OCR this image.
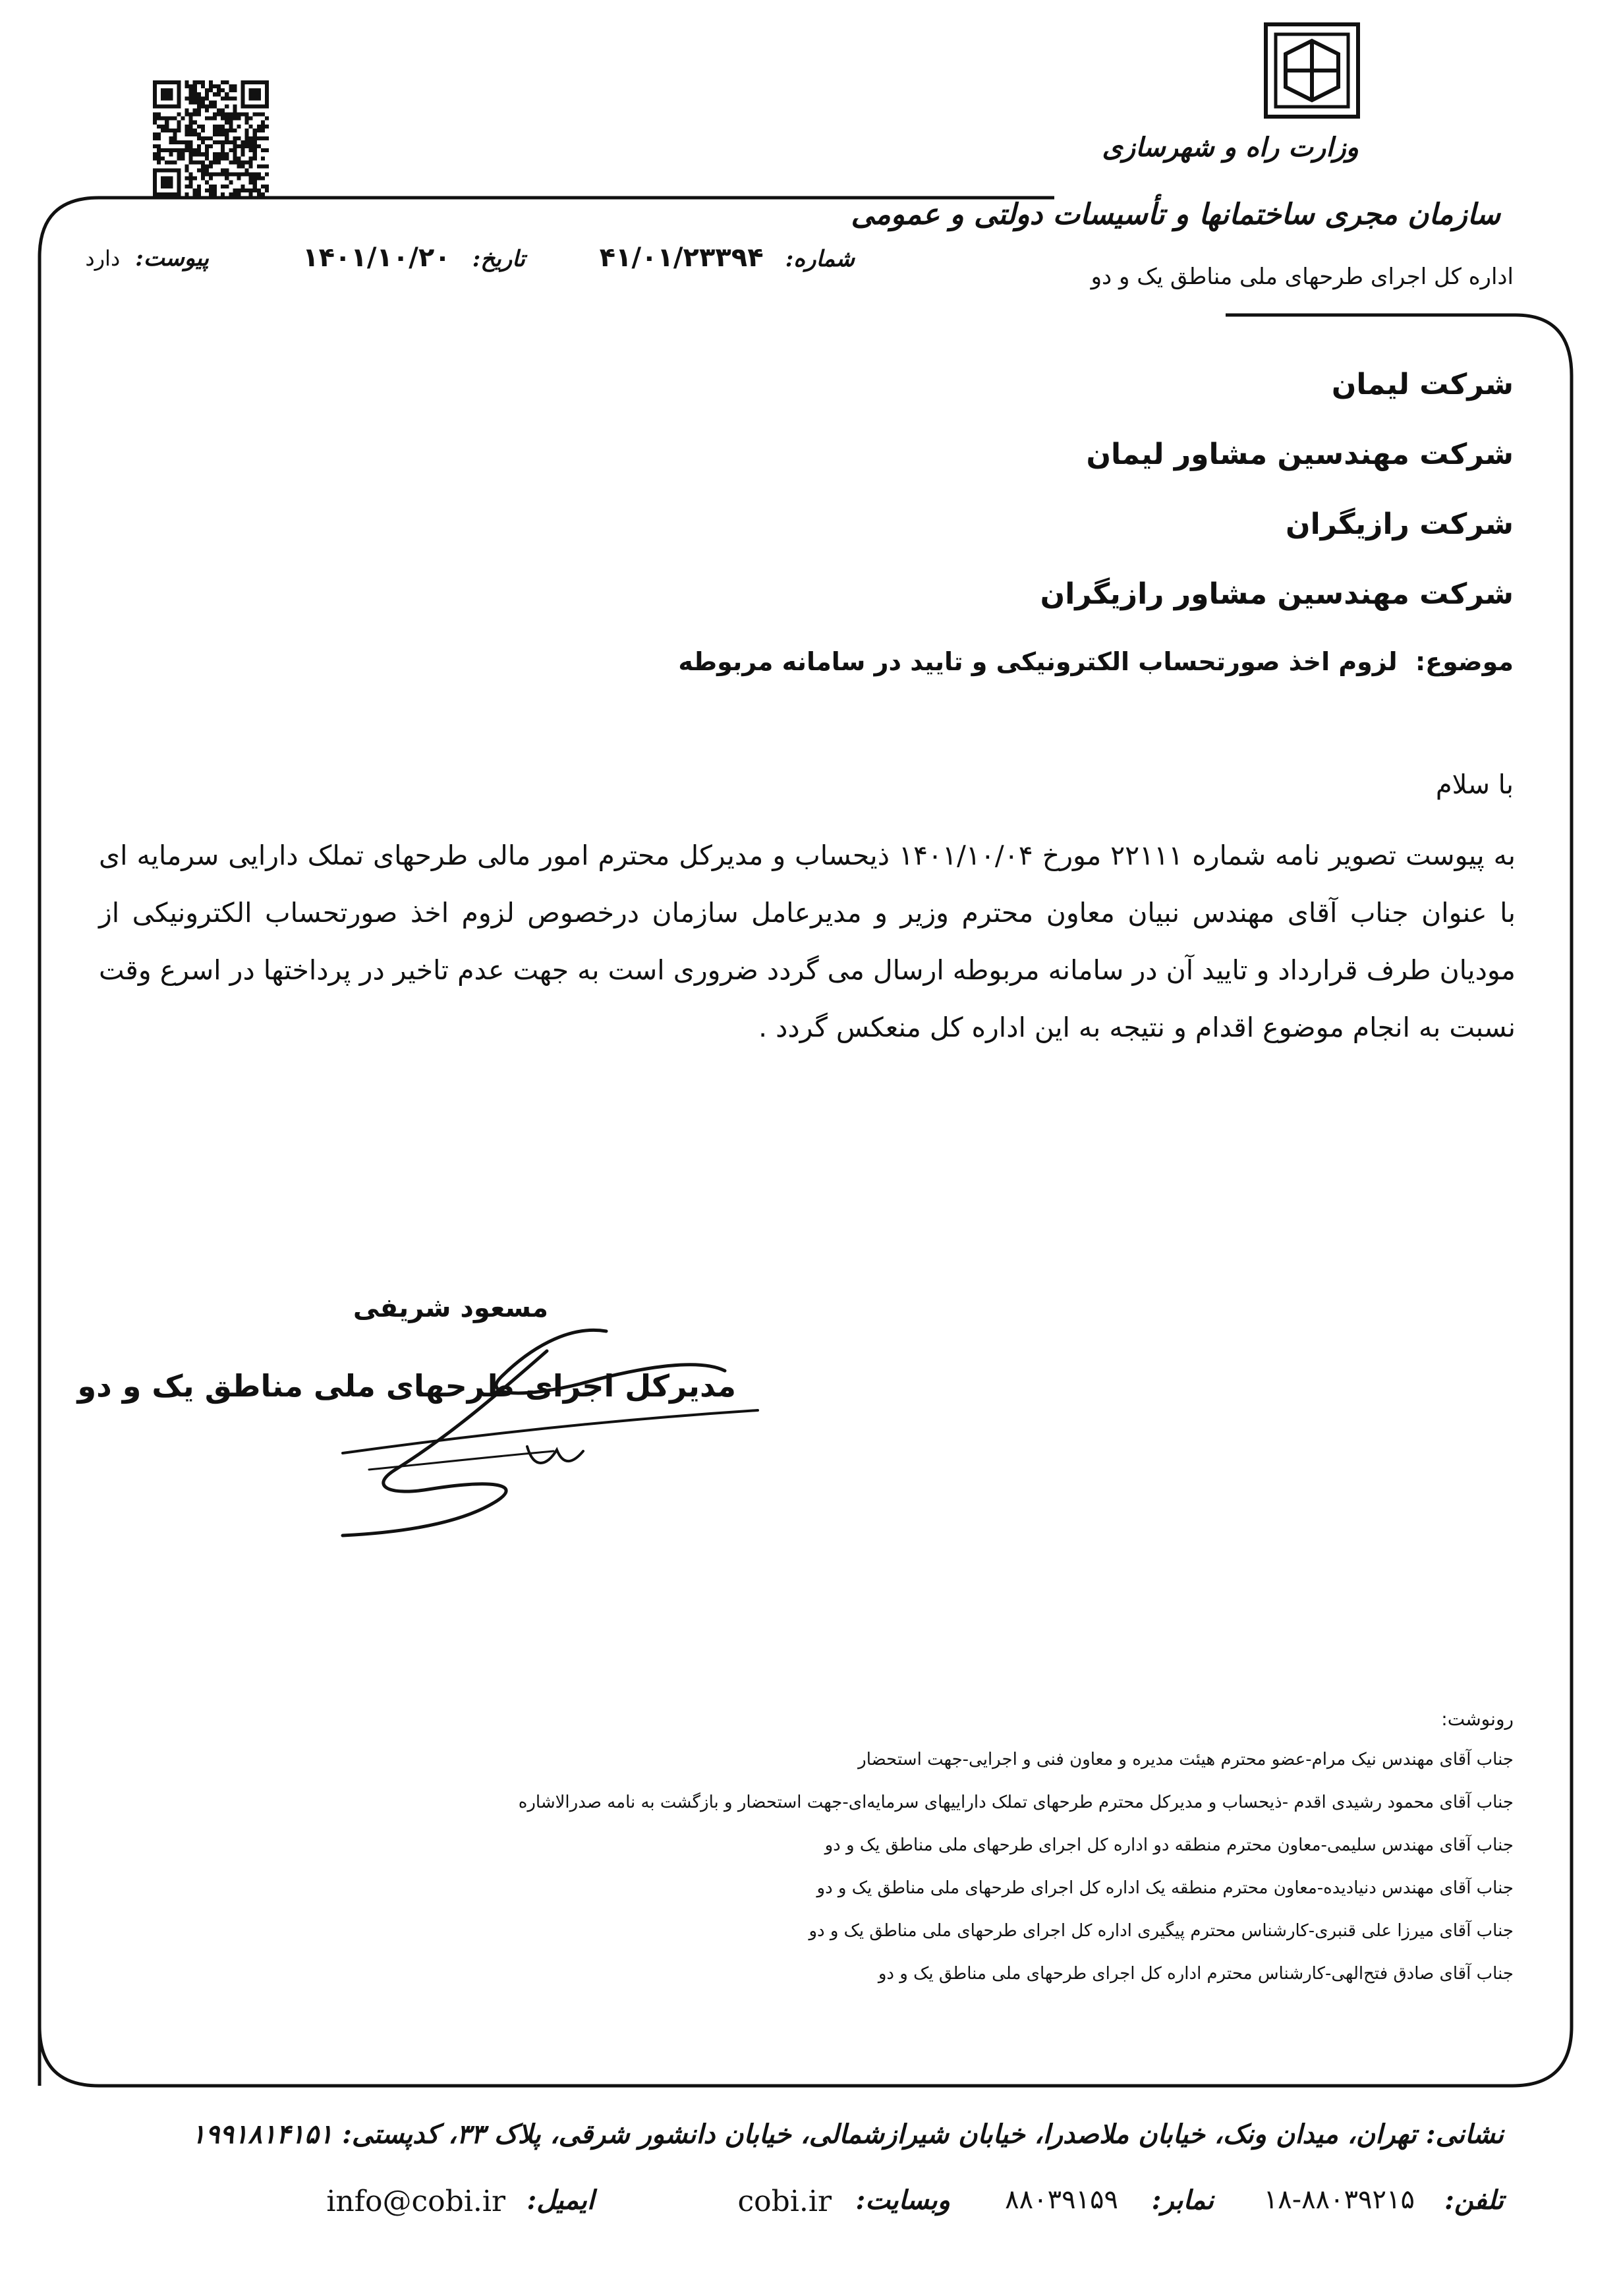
وزارت راه و شهرسازی
سازمان مجری ساختمانها و تأسیسات دولتی و عمومی
اداره کل اجرای طرحهای ملی مناطق یک و دو
شماره: ۴۱/۰۱/۲۳۳۹۴
تاریخ: ۱۴۰۱/۱۰/۲۰
پیوست: دارد
شرکت لیمان
شرکت مهندسین مشاور لیمان
شرکت رازیگران
شرکت مهندسین مشاور رازیگران
موضوع: لزوم اخذ صورتحساب الکترونیکی و تایید در سامانه مربوطه
با سلام
به پیوست تصویر نامه شماره ۲۲۱۱۱ مورخ ۱۴۰۱/۱۰/۰۴ ذیحساب و مدیرکل محترم امور مالی طرحهای تملک دارایی سرمایه ای با عنوان جناب آقای مهندس نبیان معاون محترم وزیر و مدیرعامل سازمان درخصوص لزوم اخذ صورتحساب الکترونیکی از مودیان طرف قرارداد و تایید آن در سامانه مربوطه ارسال می گردد ضروری است به جهت عدم تاخیر در پرداختها در اسرع وقت نسبت به انجام موضوع اقدام و نتیجه به این اداره کل منعکس گردد .
مسعود شریفی
مدیرکل اجرای طرحهای ملی مناطق یک و دو
رونوشت:
جناب آقای مهندس نیک مرام-عضو محترم هیئت مدیره و معاون فنی و اجرایی-جهت استحضار
جناب آقای محمود رشیدی اقدم -ذیحساب و مدیرکل محترم طرحهای تملک داراییهای سرمایه‌ای-جهت استحضار و بازگشت به نامه صدرالاشاره
جناب آقای مهندس سلیمی-معاون محترم منطقه دو اداره کل اجرای طرحهای ملی مناطق یک و دو
جناب آقای مهندس دنیادیده-معاون محترم منطقه یک اداره کل اجرای طرحهای ملی مناطق یک و دو
جناب آقای میرزا علی قنبری-کارشناس محترم پیگیری اداره کل اجرای طرحهای ملی مناطق یک و دو
جناب آقای صادق فتح‌الهی-کارشناس محترم اداره کل اجرای طرحهای ملی مناطق یک و دو
نشانی: تهران، میدان ونک، خیابان ملاصدرا، خیابان شیرازشمالی، خیابان دانشور شرقی، پلاک ۳۳، کدپستی: ۱۹۹۱۸۱۴۱۵۱
تلفن:
۱۸-۸۸۰۳۹۲۱۵
نمابر:
۸۸۰۳۹۱۵۹
وبسایت:
cobi.ir
ایمیل:
info@cobi.ir
